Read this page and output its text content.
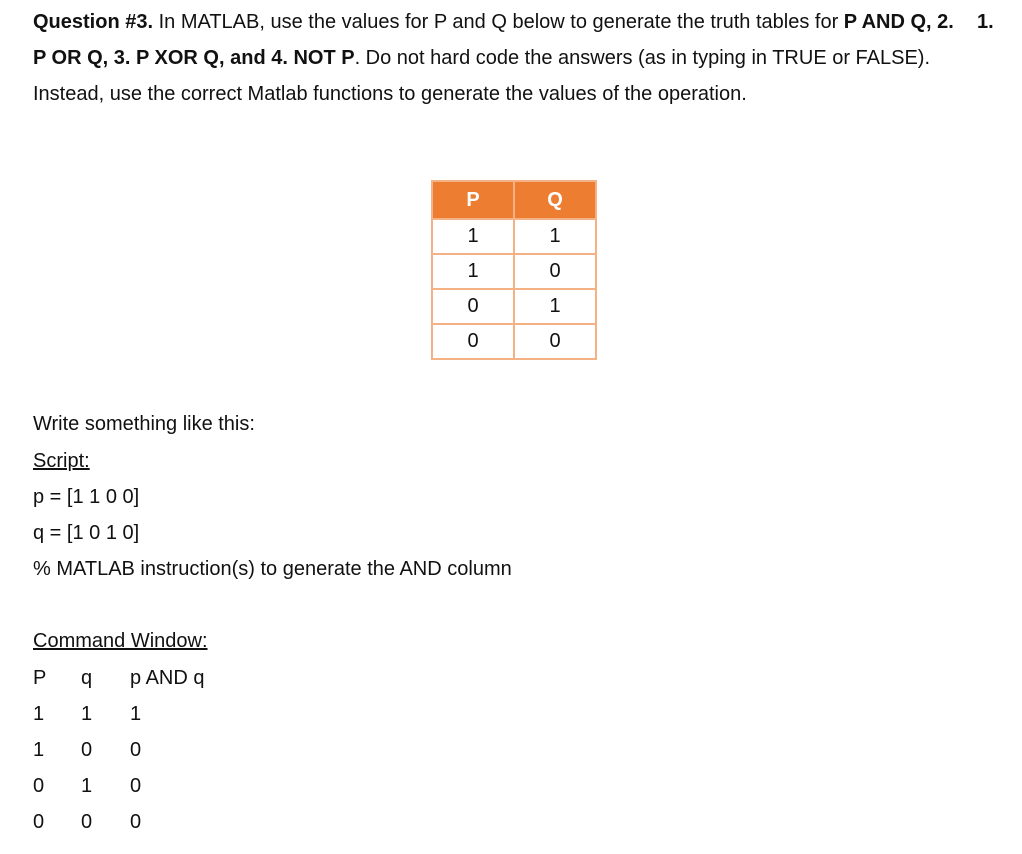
Question #3. In MATLAB, use the values for P and Q below to generate the truth tables for P AND Q, 2. P OR Q, 3. P XOR Q, and 4. NOT P. Do not hard code the answers (as in typing in TRUE or FALSE). Instead, use the correct Matlab functions to generate the values of the operation.
1.
P	Q
1	1
1	0
0	1
0	0
Write something like this:
Script:
p = [1 1 0 0]
q = [1 0 1 0]
% MATLAB instruction(s) to generate the AND column
Command Window:
P q p AND q
1 1 1
1 0 0
0 1 0
0 0 0
